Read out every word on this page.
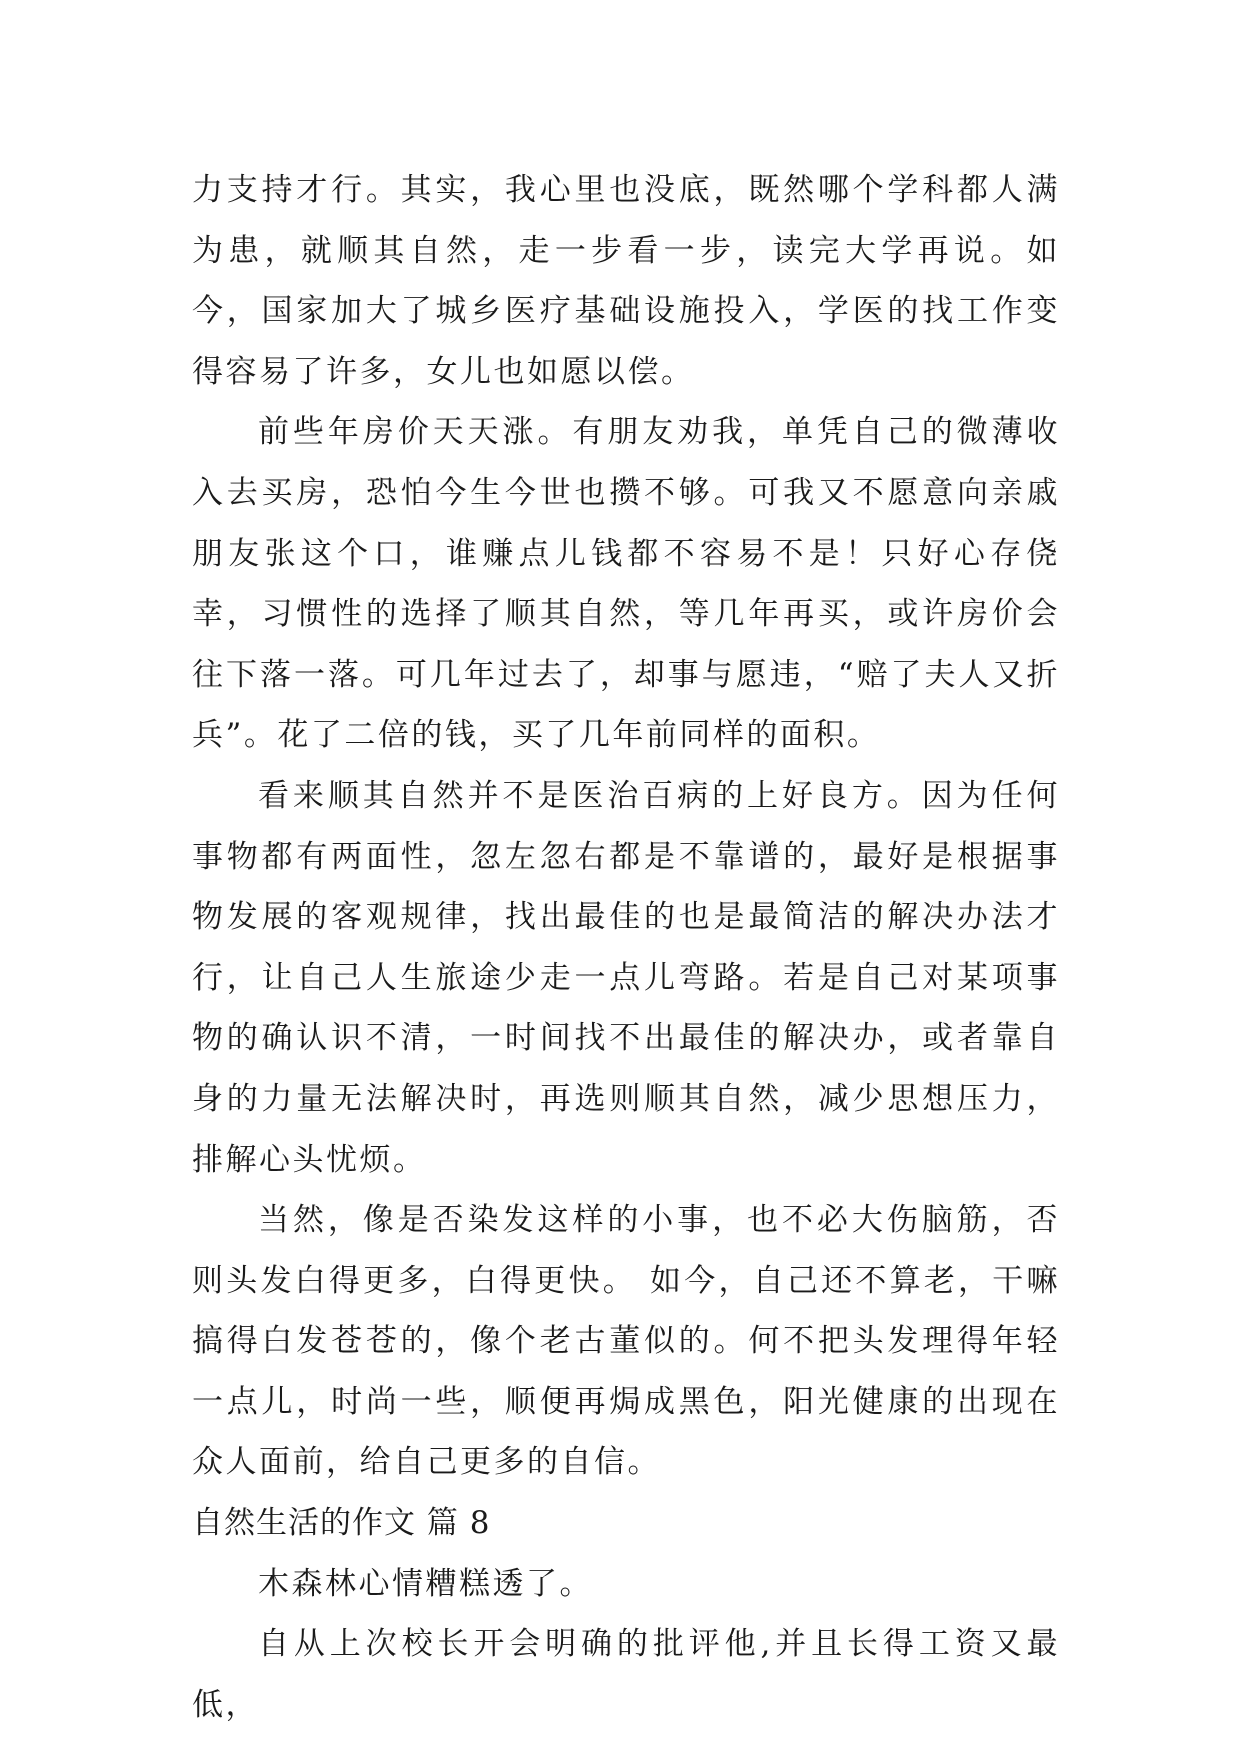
力支持才行。其实，我心里也没底，既然哪个学科都人满为患，就顺其自然，走一步看一步，读完大学再说。如今，国家加大了城乡医疗基础设施投入，学医的找工作变得容易了许多，女儿也如愿以偿。

前些年房价天天涨。有朋友劝我，单凭自己的微薄收入去买房，恐怕今生今世也攒不够。可我又不愿意向亲戚朋友张这个口，谁赚点儿钱都不容易不是！只好心存侥幸，习惯性的选择了顺其自然，等几年再买，或许房价会往下落一落。可几年过去了，却事与愿违，“赔了夫人又折兵”。花了二倍的钱，买了几年前同样的面积。

看来顺其自然并不是医治百病的上好良方。因为任何事物都有两面性，忽左忽右都是不靠谱的，最好是根据事物发展的客观规律，找出最佳的也是最简洁的解决办法才行，让自己人生旅途少走一点儿弯路。若是自己对某项事物的确认识不清，一时间找不出最佳的解决办，或者靠自身的力量无法解决时，再选则顺其自然，减少思想压力，排解心头忧烦。

当然，像是否染发这样的小事，也不必大伤脑筋，否则头发白得更多，白得更快。 如今，自己还不算老，干嘛搞得白发苍苍的，像个老古董似的。何不把头发理得年轻一点儿，时尚一些，顺便再焗成黑色，阳光健康的出现在众人面前，给自己更多的自信。

自然生活的作文 篇 8

木森林心情糟糕透了。

自从上次校长开会明确的批评他,并且长得工资又最低，
